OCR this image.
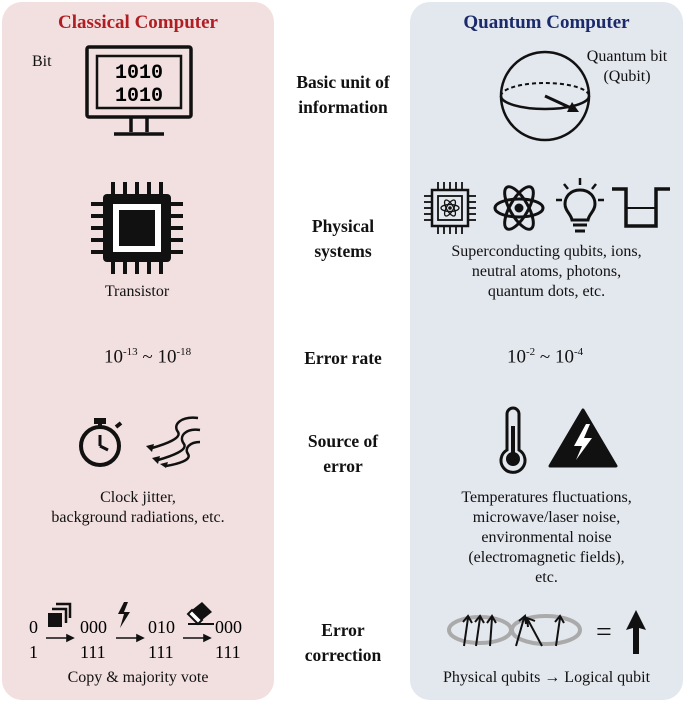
Classical Computer	Quantum Computer
Basic unit of
information
Physical
systems
Error rate
Source of
error
Error
correction
Bit
1010
1010
Transistor
$10^{-13}$ ~ $10^{-18}$
Clock jitter,
background radiations, etc.
0
1
000
111
010
111
000
111
Copy & majority vote
Quantum bit
(Qubit)
Superconducting qubits, ions,
neutral atoms, photons,
quantum dots, etc.
$10^{-2}$ ~ $10^{-4}$
Temperatures fluctuations,
microwave/laser noise,
environmental noise
(electromagnetic fields),
etc.
=
Physical qubits → Logical qubit
